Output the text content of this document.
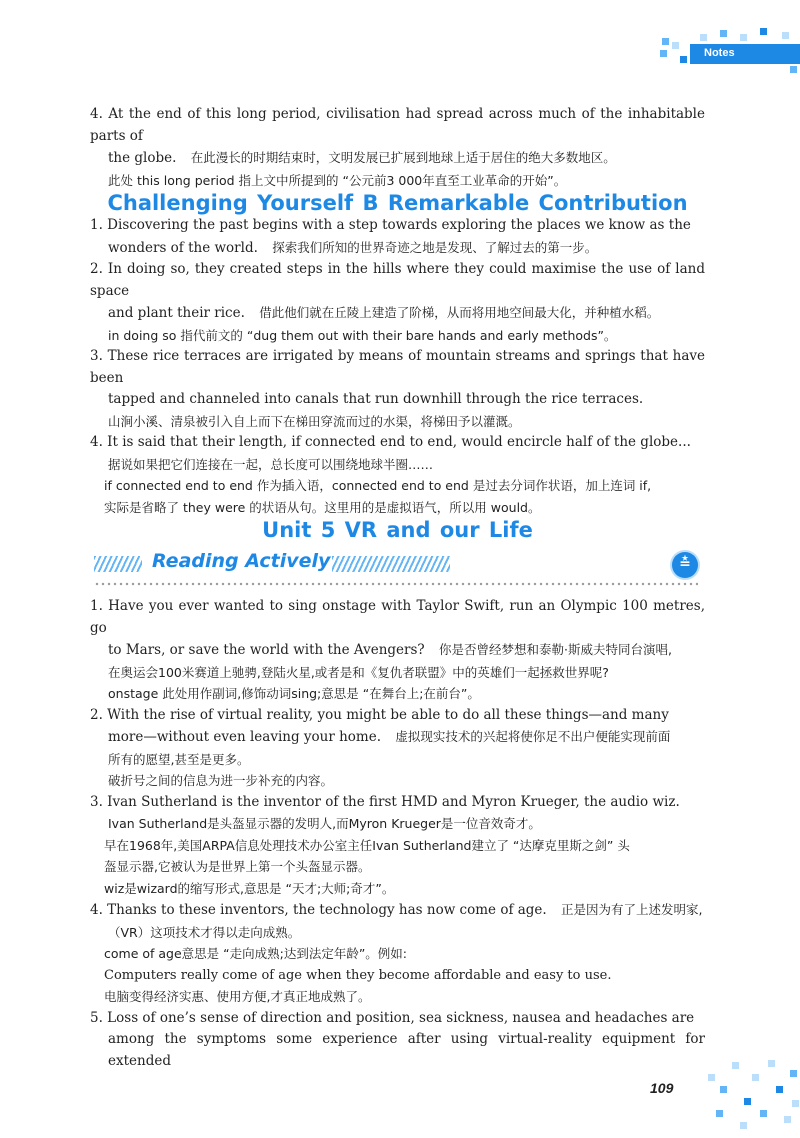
Notes
4. At the end of this long period, civilisation had spread across much of the inhabitable parts of
the globe. 在此漫长的时期结束时，文明发展已扩展到地球上适于居住的绝大多数地区。
此处 this long period 指上文中所提到的 “公元前3 000年直至工业革命的开始”。
Challenging Yourself B Remarkable Contribution
1. Discovering the past begins with a step towards exploring the places we know as the
wonders of the world. 探索我们所知的世界奇迹之地是发现、了解过去的第一步。
2. In doing so, they created steps in the hills where they could maximise the use of land space
and plant their rice. 借此他们就在丘陵上建造了阶梯，从而将用地空间最大化，并种植水稻。
in doing so 指代前文的 “dug them out with their bare hands and early methods”。
3. These rice terraces are irrigated by means of mountain streams and springs that have been
tapped and channeled into canals that run downhill through the rice terraces.
山涧小溪、清泉被引入自上而下在梯田穿流而过的水渠，将梯田予以灌溉。
4. It is said that their length, if connected end to end, would encircle half of the globe...
据说如果把它们连接在一起，总长度可以围绕地球半圈……
if connected end to end 作为插入语，connected end to end 是过去分词作状语，加上连词 if,
实际是省略了 they were 的状语从句。这里用的是虚拟语气，所以用 would。
Unit 5 VR and our Life
Reading Actively	≛
1. Have you ever wanted to sing onstage with Taylor Swift, run an Olympic 100 metres, go
to Mars, or save the world with the Avengers? 你是否曾经梦想和泰勒·斯威夫特同台演唱,
在奥运会100米赛道上驰骋,登陆火星,或者是和《复仇者联盟》中的英雄们一起拯救世界呢?
onstage 此处用作副词,修饰动词sing;意思是 “在舞台上;在前台”。
2. With the rise of virtual reality, you might be able to do all these things—and many
more—without even leaving your home. 虚拟现实技术的兴起将使你足不出户便能实现前面
所有的愿望,甚至是更多。
破折号之间的信息为进一步补充的内容。
3. Ivan Sutherland is the inventor of the first HMD and Myron Krueger, the audio wiz.
Ivan Sutherland是头盔显示器的发明人,而Myron Krueger是一位音效奇才。
早在1968年,美国ARPA信息处理技术办公室主任Ivan Sutherland建立了 “达摩克里斯之剑” 头
盔显示器,它被认为是世界上第一个头盔显示器。
wiz是wizard的缩写形式,意思是 “天才;大师;奇才”。
4. Thanks to these inventors, the technology has now come of age. 正是因为有了上述发明家,
（VR）这项技术才得以走向成熟。
come of age意思是 “走向成熟;达到法定年龄”。例如:
Computers really come of age when they become affordable and easy to use.
电脑变得经济实惠、使用方便,才真正地成熟了。
5. Loss of one’s sense of direction and position, sea sickness, nausea and headaches are
among the symptoms some experience after using virtual-reality equipment for extended
109
